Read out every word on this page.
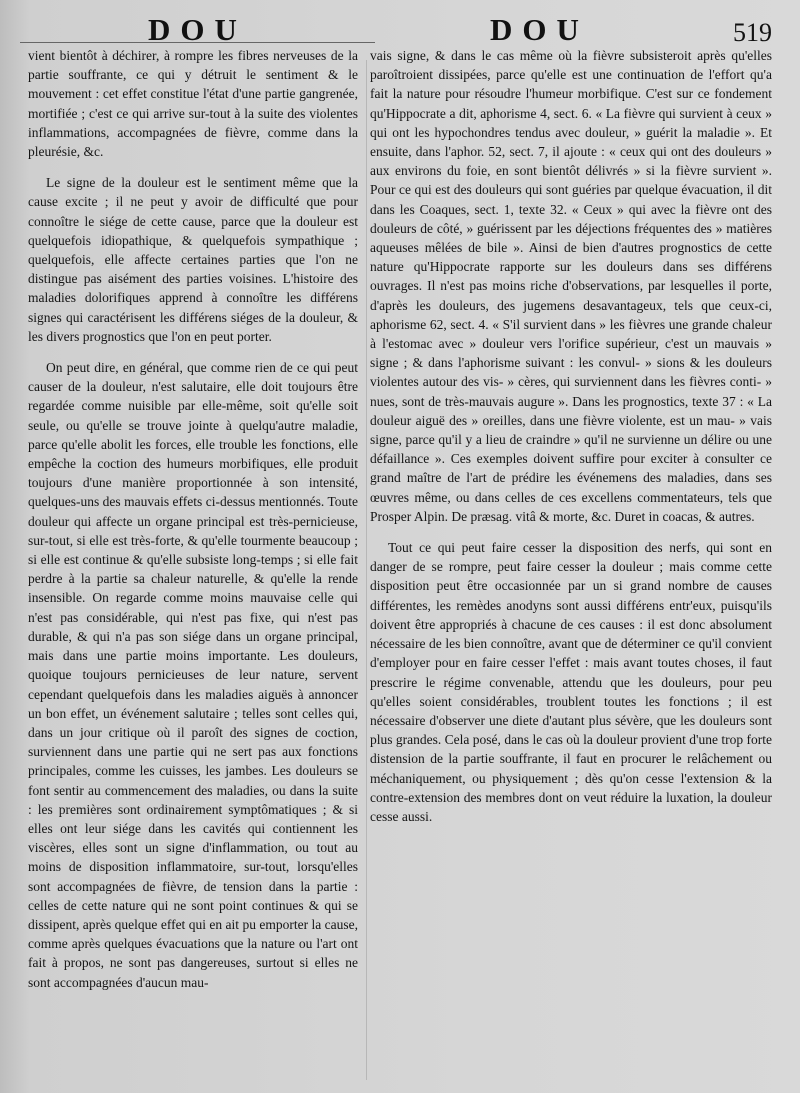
DOU	DOU	519

vient bientôt à déchirer, à rompre les fibres nerveuses de la partie souffrante, ce qui y détruit le sentiment & le mouvement : cet effet constitue l'état d'une partie gangrenée, mortifiée ; c'est ce qui arrive sur-tout à la suite des violentes inflammations, accompagnées de fièvre, comme dans la pleurésie, &c.

Le signe de la douleur est le sentiment même que la cause excite ; il ne peut y avoir de difficulté que pour connoître le siége de cette cause, parce que la douleur est quelquefois idiopathique, & quelquefois sympathique ; quelquefois, elle affecte certaines parties que l'on ne distingue pas aisément des parties voisines. L'histoire des maladies dolorifiques apprend à connoître les différens signes qui caractérisent les différens siéges de la douleur, & les divers prognostics que l'on en peut porter.

On peut dire, en général, que comme rien de ce qui peut causer de la douleur, n'est salutaire, elle doit toujours être regardée comme nuisible par elle-même, soit qu'elle soit seule, ou qu'elle se trouve jointe à quelqu'autre maladie, parce qu'elle abolit les forces, elle trouble les fonctions, elle empêche la coction des humeurs morbifiques, elle produit toujours d'une manière proportionnée à son intensité, quelques-uns des mauvais effets ci-dessus mentionnés. Toute douleur qui affecte un organe principal est très-pernicieuse, sur-tout, si elle est très-forte, & qu'elle tourmente beaucoup ; si elle est continue & qu'elle subsiste long-temps ; si elle fait perdre à la partie sa chaleur naturelle, & qu'elle la rende insensible. On regarde comme moins mauvaise celle qui n'est pas considérable, qui n'est pas fixe, qui n'est pas durable, & qui n'a pas son siége dans un organe principal, mais dans une partie moins importante. Les douleurs, quoique toujours pernicieuses de leur nature, servent cependant quelquefois dans les maladies aiguës à annoncer un bon effet, un événement salutaire ; telles sont celles qui, dans un jour critique où il paroît des signes de coction, surviennent dans une partie qui ne sert pas aux fonctions principales, comme les cuisses, les jambes. Les douleurs se font sentir au commencement des maladies, ou dans la suite : les premières sont ordinairement symptômatiques ; & si elles ont leur siége dans les cavités qui contiennent les viscères, elles sont un signe d'inflammation, ou tout au moins de disposition inflammatoire, sur-tout, lorsqu'elles sont accompagnées de fièvre, de tension dans la partie : celles de cette nature qui ne sont point continues & qui se dissipent, après quelque effet qui en ait pu emporter la cause, comme après quelques évacuations que la nature ou l'art ont fait à propos, ne sont pas dangereuses, surtout si elles ne sont accompagnées d'aucun mau-

vais signe, & dans le cas même où la fièvre subsisteroit après qu'elles paroîtroient dissipées, parce qu'elle est une continuation de l'effort qu'a fait la nature pour résoudre l'humeur morbifique. C'est sur ce fondement qu'Hippocrate a dit, aphorisme 4, sect. 6. « La fièvre qui survient à ceux » qui ont les hypochondres tendus avec douleur, » guérit la maladie ». Et ensuite, dans l'aphor. 52, sect. 7, il ajoute : « ceux qui ont des douleurs » aux environs du foie, en sont bientôt délivrés » si la fièvre survient ». Pour ce qui est des douleurs qui sont guéries par quelque évacuation, il dit dans les Coaques, sect. 1, texte 32. « Ceux » qui avec la fièvre ont des douleurs de côté, » guérissent par les déjections fréquentes des » matières aqueuses mêlées de bile ». Ainsi de bien d'autres prognostics de cette nature qu'Hippocrate rapporte sur les douleurs dans ses différens ouvrages. Il n'est pas moins riche d'observations, par lesquelles il porte, d'après les douleurs, des jugemens desavantageux, tels que ceux-ci, aphorisme 62, sect. 4. « S'il survient dans » les fièvres une grande chaleur à l'estomac avec » douleur vers l'orifice supérieur, c'est un mauvais » signe ; & dans l'aphorisme suivant : les convul- » sions & les douleurs violentes autour des vis- » cères, qui surviennent dans les fièvres conti- » nues, sont de très-mauvais augure ». Dans les prognostics, texte 37 : « La douleur aiguë des » oreilles, dans une fièvre violente, est un mau- » vais signe, parce qu'il y a lieu de craindre » qu'il ne survienne un délire ou une défaillance ». Ces exemples doivent suffire pour exciter à consulter ce grand maître de l'art de prédire les événemens des maladies, dans ses œuvres même, ou dans celles de ces excellens commentateurs, tels que Prosper Alpin. De præsag. vitâ & morte, &c. Duret in coacas, & autres.

Tout ce qui peut faire cesser la disposition des nerfs, qui sont en danger de se rompre, peut faire cesser la douleur ; mais comme cette disposition peut être occasionnée par un si grand nombre de causes différentes, les remèdes anodyns sont aussi différens entr'eux, puisqu'ils doivent être appropriés à chacune de ces causes : il est donc absolument nécessaire de les bien connoître, avant que de déterminer ce qu'il convient d'employer pour en faire cesser l'effet : mais avant toutes choses, il faut prescrire le régime convenable, attendu que les douleurs, pour peu qu'elles soient considérables, troublent toutes les fonctions ; il est nécessaire d'observer une diete d'autant plus sévère, que les douleurs sont plus grandes. Cela posé, dans le cas où la douleur provient d'une trop forte distension de la partie souffrante, il faut en procurer le relâchement ou méchaniquement, ou physiquement ; dès qu'on cesse l'extension & la contre-extension des membres dont on veut réduire la luxation, la douleur cesse aussi.
